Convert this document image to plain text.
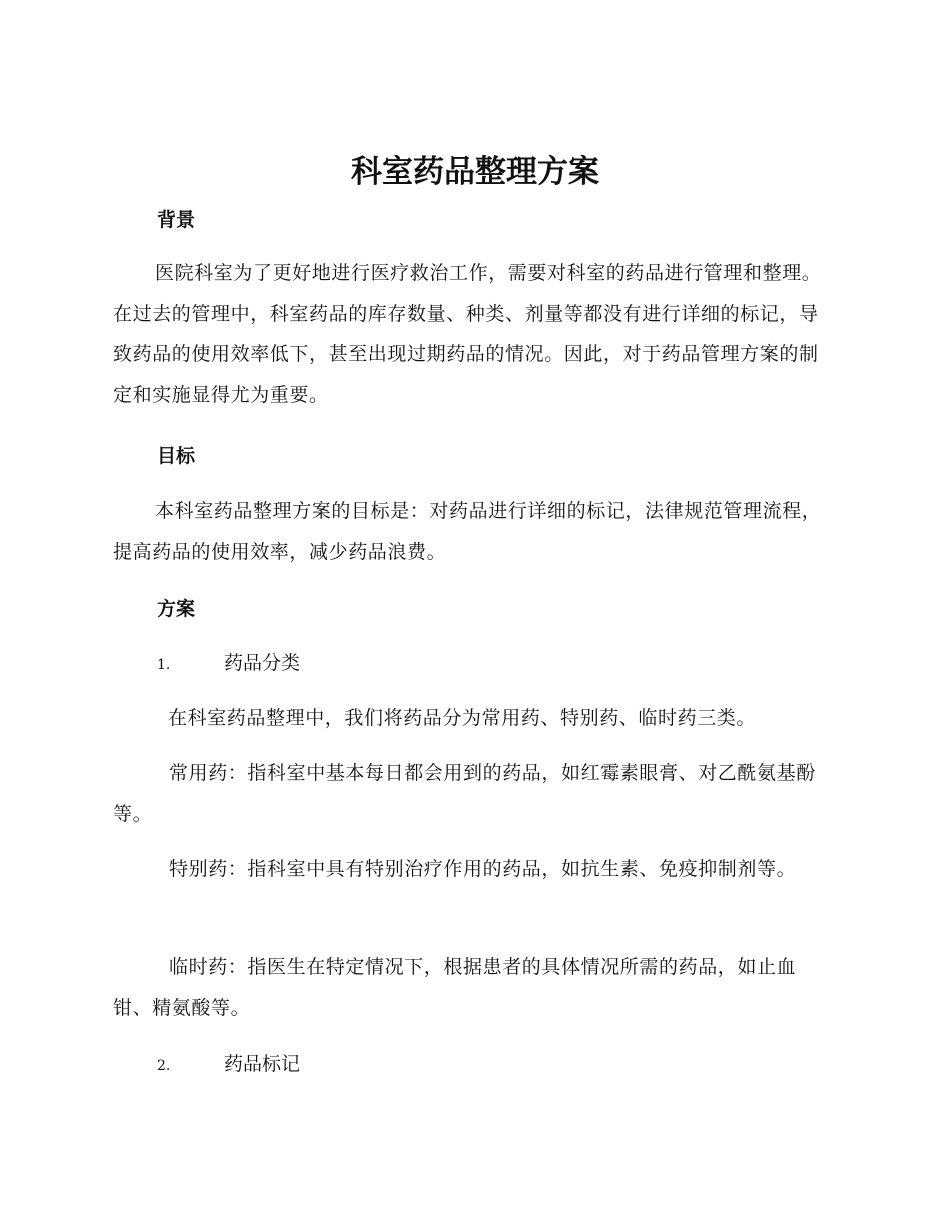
科室药品整理方案
背景

医院科室为了更好地进行医疗救治工作，需要对科室的药品进行管理和整理。在过去的管理中，科室药品的库存数量、种类、剂量等都没有进行详细的标记，导致药品的使用效率低下，甚至出现过期药品的情况。因此，对于药品管理方案的制定和实施显得尤为重要。

目标

本科室药品整理方案的目标是：对药品进行详细的标记，法律规范管理流程，提高药品的使用效率，减少药品浪费。

方案
1.	药品分类

在科室药品整理中，我们将药品分为常用药、特别药、临时药三类。

常用药：指科室中基本每日都会用到的药品，如红霉素眼膏、对乙酰氨基酚等。

特别药：指科室中具有特别治疗作用的药品，如抗生素、免疫抑制剂等。

临时药：指医生在特定情况下，根据患者的具体情况所需的药品，如止血钳、精氨酸等。

2.	药品标记
